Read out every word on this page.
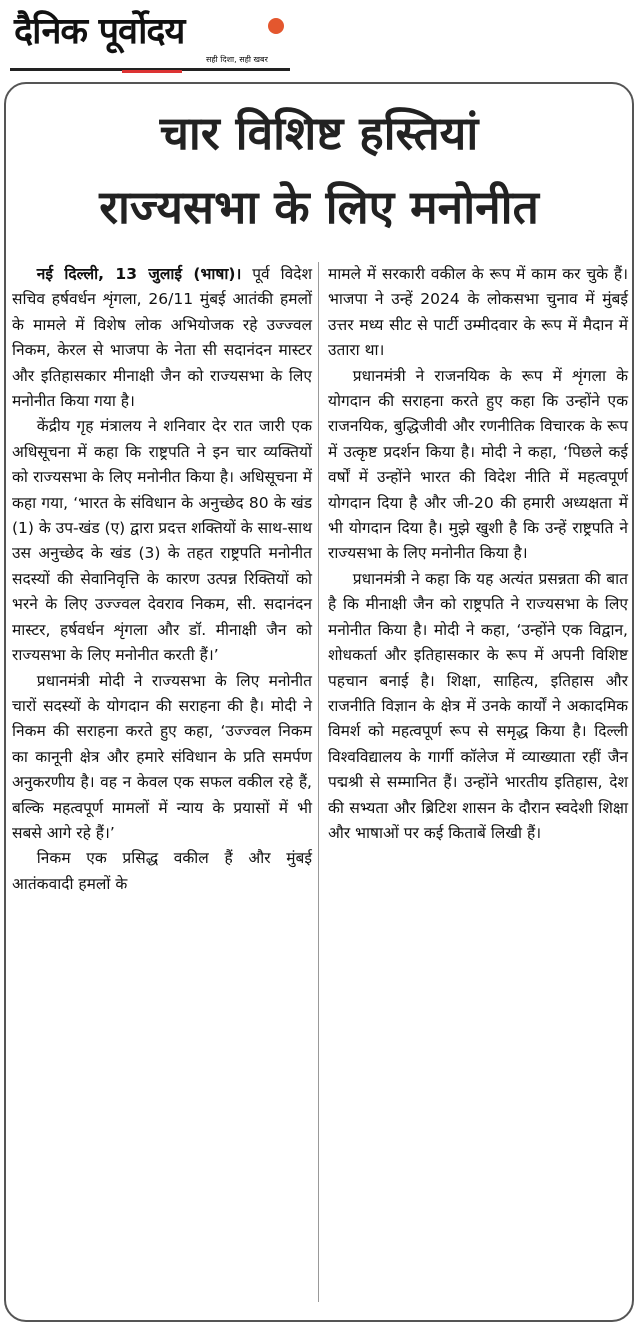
दैनिक पूर्वोदय
सही दिशा, सही खबर
चार विशिष्ट हस्तियां
राज्यसभा के लिए मनोनीत

नई दिल्ली, 13 जुलाई (भाषा)। पूर्व विदेश सचिव हर्षवर्धन शृंगला, 26/11 मुंबई आतंकी हमलों के मामले में विशेष लोक अभियोजक रहे उज्ज्वल निकम, केरल से भाजपा के नेता सी सदानंदन मास्टर और इतिहासकार मीनाक्षी जैन को राज्यसभा के लिए मनोनीत किया गया है।

केंद्रीय गृह मंत्रालय ने शनिवार देर रात जारी एक अधिसूचना में कहा कि राष्ट्रपति ने इन चार व्यक्तियों को राज्यसभा के लिए मनोनीत किया है। अधिसूचना में कहा गया, ‘भारत के संविधान के अनुच्छेद 80 के खंड (1) के उप-खंड (ए) द्वारा प्रदत्त शक्तियों के साथ-साथ उस अनुच्छेद के खंड (3) के तहत राष्ट्रपति मनोनीत सदस्यों की सेवानिवृत्ति के कारण उत्पन्न रिक्तियों को भरने के लिए उज्ज्वल देवराव निकम, सी. सदानंदन मास्टर, हर्षवर्धन शृंगला और डॉ. मीनाक्षी जैन को राज्यसभा के लिए मनोनीत करती हैं।’

प्रधानमंत्री मोदी ने राज्यसभा के लिए मनोनीत चारों सदस्यों के योगदान की सराहना की है। मोदी ने निकम की सराहना करते हुए कहा, ‘उज्ज्वल निकम का कानूनी क्षेत्र और हमारे संविधान के प्रति समर्पण अनुकरणीय है। वह न केवल एक सफल वकील रहे हैं, बल्कि महत्वपूर्ण मामलों में न्याय के प्रयासों में भी सबसे आगे रहे हैं।’

निकम एक प्रसिद्ध वकील हैं और मुंबई आतंकवादी हमलों के

मामले में सरकारी वकील के रूप में काम कर चुके हैं। भाजपा ने उन्हें 2024 के लोकसभा चुनाव में मुंबई उत्तर मध्य सीट से पार्टी उम्मीदवार के रूप में मैदान में उतारा था।

प्रधानमंत्री ने राजनयिक के रूप में शृंगला के योगदान की सराहना करते हुए कहा कि उन्होंने एक राजनयिक, बुद्धिजीवी और रणनीतिक विचारक के रूप में उत्कृष्ट प्रदर्शन किया है। मोदी ने कहा, ‘पिछले कई वर्षों में उन्होंने भारत की विदेश नीति में महत्वपूर्ण योगदान दिया है और जी-20 की हमारी अध्यक्षता में भी योगदान दिया है। मुझे खुशी है कि उन्हें राष्ट्रपति ने राज्यसभा के लिए मनोनीत किया है।

प्रधानमंत्री ने कहा कि यह अत्यंत प्रसन्नता की बात है कि मीनाक्षी जैन को राष्ट्रपति ने राज्यसभा के लिए मनोनीत किया है। मोदी ने कहा, ‘उन्होंने एक विद्वान, शोधकर्ता और इतिहासकार के रूप में अपनी विशिष्ट पहचान बनाई है। शिक्षा, साहित्य, इतिहास और राजनीति विज्ञान के क्षेत्र में उनके कार्यों ने अकादमिक विमर्श को महत्वपूर्ण रूप से समृद्ध किया है। दिल्ली विश्वविद्यालय के गार्गी कॉलेज में व्याख्याता रहीं जैन पद्मश्री से सम्मानित हैं। उन्होंने भारतीय इतिहास, देश की सभ्यता और ब्रिटिश शासन के दौरान स्वदेशी शिक्षा और भाषाओं पर कई किताबें लिखी हैं।
